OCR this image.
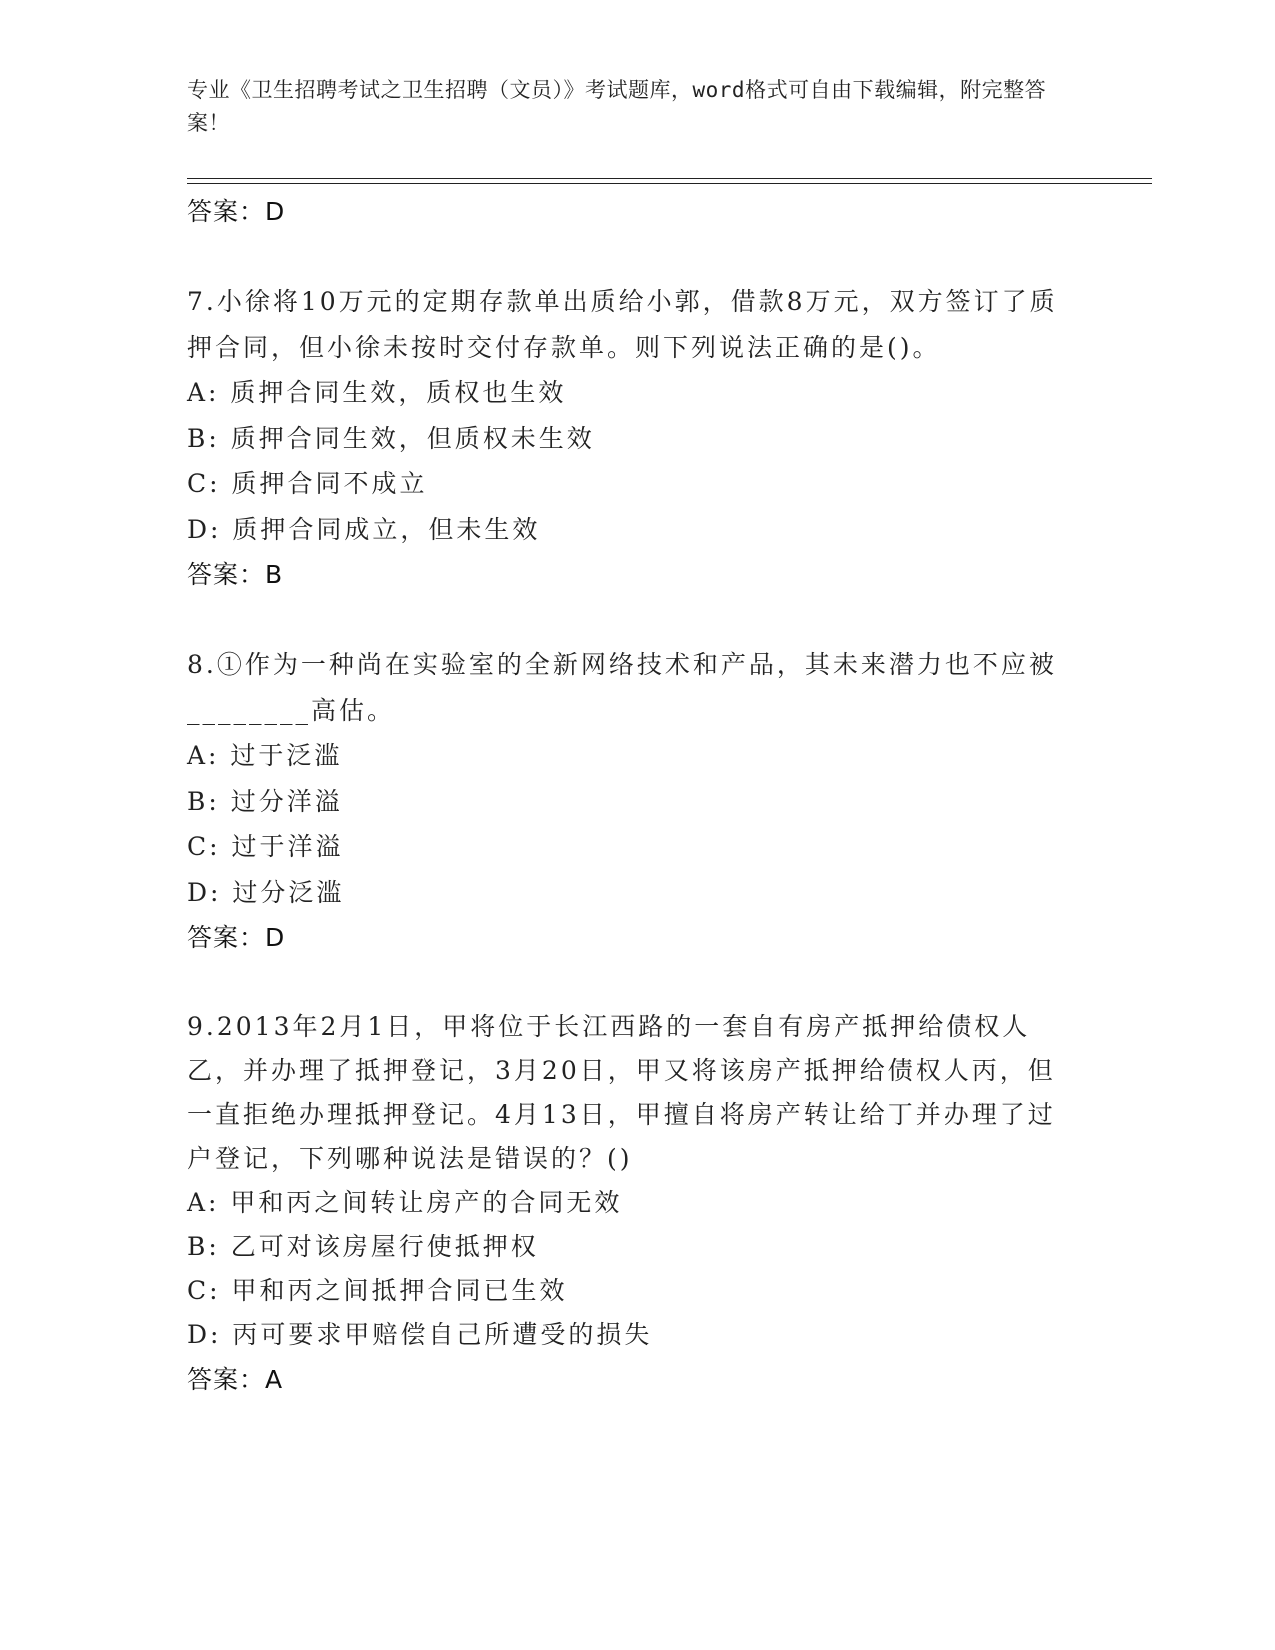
专业《卫生招聘考试之卫生招聘（文员）》考试题库，word格式可自由下载编辑，附完整答案！
答案：D
7.小徐将10万元的定期存款单出质给小郭，借款8万元，双方签订了质押合同，但小徐未按时交付存款单。则下列说法正确的是()。
A: 质押合同生效，质权也生效
B: 质押合同生效，但质权未生效
C: 质押合同不成立
D: 质押合同成立，但未生效
答案：B
8.①作为一种尚在实验室的全新网络技术和产品，其未来潜力也不应被________高估。
A: 过于泛滥
B: 过分洋溢
C: 过于洋溢
D: 过分泛滥
答案：D
9.2013年2月1日，甲将位于长江西路的一套自有房产抵押给债权人乙，并办理了抵押登记，3月20日，甲又将该房产抵押给债权人丙，但一直拒绝办理抵押登记。4月13日，甲擅自将房产转让给丁并办理了过户登记，下列哪种说法是错误的？()
A: 甲和丙之间转让房产的合同无效
B: 乙可对该房屋行使抵押权
C: 甲和丙之间抵押合同已生效
D: 丙可要求甲赔偿自己所遭受的损失
答案：A
